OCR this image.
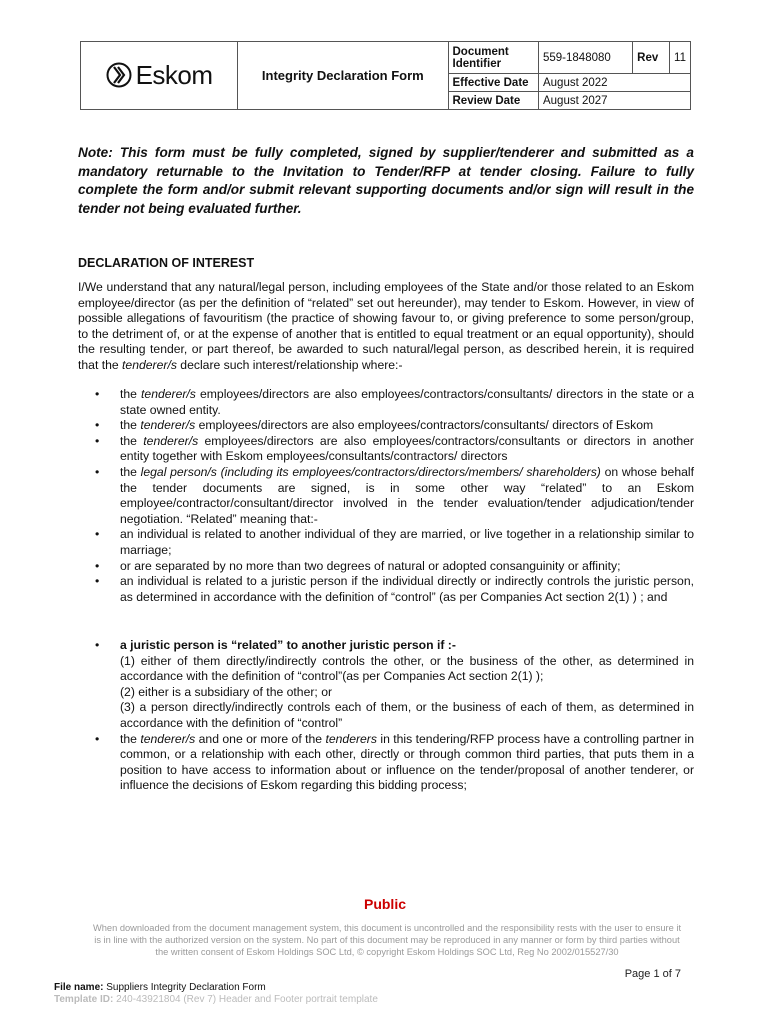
Eskom	Integrity Declaration Form	Document Identifier	559-1848080	Rev	11
		Effective Date	August 2022		
		Review Date	August 2027		

Note: This form must be fully completed, signed by supplier/tenderer and submitted as a mandatory returnable to the Invitation to Tender/RFP at tender closing. Failure to fully complete the form and/or submit relevant supporting documents and/or sign will result in the tender not being evaluated further.

DECLARATION OF INTEREST

I/We understand that any natural/legal person, including employees of the State and/or those related to an Eskom employee/director (as per the definition of “related” set out hereunder), may tender to Eskom. However, in view of possible allegations of favouritism (the practice of showing favour to, or giving preference to some person/group, to the detriment of, or at the expense of another that is entitled to equal treatment or an equal opportunity), should the resulting tender, or part thereof, be awarded to such natural/legal person, as described herein, it is required that the tenderer/s declare such interest/relationship where:-

• the tenderer/s employees/directors are also employees/contractors/consultants/ directors in the state or a state owned entity.
• the tenderer/s employees/directors are also employees/contractors/consultants/ directors of Eskom
• the tenderer/s employees/directors are also employees/contractors/consultants or directors in another entity together with Eskom employees/consultants/contractors/ directors
• the legal person/s (including its employees/contractors/directors/members/ shareholders) on whose behalf the tender documents are signed, is in some other way “related” to an Eskom employee/contractor/consultant/director involved in the tender evaluation/tender adjudication/tender negotiation. “Related” meaning that:-
• an individual is related to another individual of they are married, or live together in a relationship similar to marriage;
• or are separated by no more than two degrees of natural or adopted consanguinity or affinity;
• an individual is related to a juristic person if the individual directly or indirectly controls the juristic person, as determined in accordance with the definition of “control” (as per Companies Act section 2(1) ) ; and
• a juristic person is “related” to another juristic person if :-
(1) either of them directly/indirectly controls the other, or the business of the other, as determined in accordance with the definition of “control”(as per Companies Act section 2(1) );
(2) either is a subsidiary of the other; or
(3) a person directly/indirectly controls each of them, or the business of each of them, as determined in accordance with the definition of “control”
• the tenderer/s and one or more of the tenderers in this tendering/RFP process have a controlling partner in common, or a relationship with each other, directly or through common third parties, that puts them in a position to have access to information about or influence on the tender/proposal of another tenderer, or influence the decisions of Eskom regarding this bidding process;
Public
When downloaded from the document management system, this document is uncontrolled and the responsibility rests with the user to ensure it is in line with the authorized version on the system. No part of this document may be reproduced in any manner or form by third parties without the written consent of Eskom Holdings SOC Ltd, © copyright Eskom Holdings SOC Ltd, Reg No 2002/015527/30
Page 1 of 7
File name: Suppliers Integrity Declaration Form
Template ID: 240-43921804 (Rev 7) Header and Footer portrait template
